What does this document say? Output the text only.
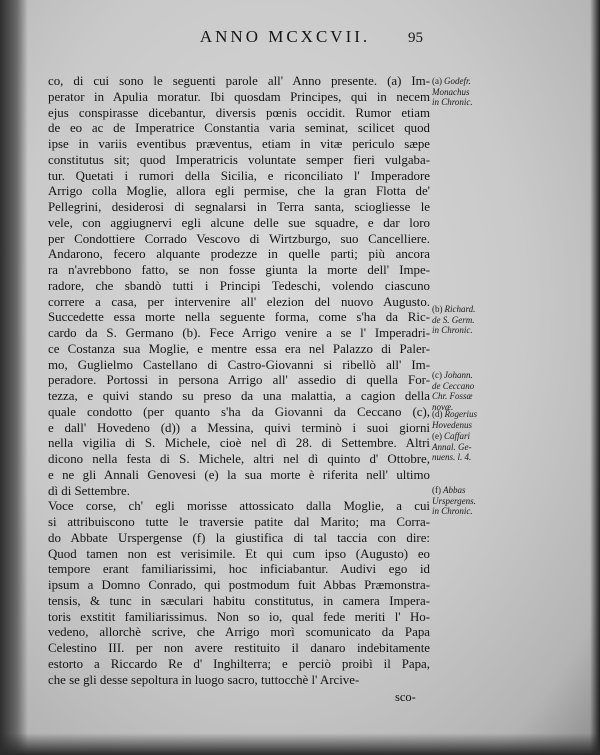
ANNO MCXCVII.	95
co, di cui sono le seguenti parole all' Anno presente. (a) Im-
perator in Apulia moratur. Ibi quosdam Principes, qui in necem
ejus conspirasse dicebantur, diversis pœnis occidit. Rumor etiam
de eo ac de Imperatrice Constantia varia seminat, scilicet quod
ipse in variis eventibus præventus, etiam in vitæ periculo sæpe
constitutus sit; quod Imperatricis voluntate semper fieri vulgaba-
tur. Quetati i rumori della Sicilia, e riconciliato l' Imperadore
Arrigo colla Moglie, allora egli permise, che la gran Flotta de'
Pellegrini, desiderosi di segnalarsi in Terra santa, sciogliesse le
vele, con aggiugnervi egli alcune delle sue squadre, e dar loro
per Condottiere Corrado Vescovo di Wirtzburgo, suo Cancelliere.
Andarono, fecero alquante prodezze in quelle parti; più ancora
ra n'avrebbono fatto, se non fosse giunta la morte dell' Impe-
radore, che sbandò tutti i Principi Tedeschi, volendo ciascuno
correre a casa, per intervenire all' elezion del nuovo Augusto.
Succedette essa morte nella seguente forma, come s'ha da Ric-
cardo da S. Germano (b). Fece Arrigo venire a se l' Imperadri-
ce Costanza sua Moglie, e mentre essa era nel Palazzo di Paler-
mo, Guglielmo Castellano di Castro-Giovanni si ribellò all' Im-
peradore. Portossi in persona Arrigo all' assedio di quella For-
tezza, e quivi stando su preso da una malattia, a cagion della
quale condotto (per quanto s'ha da Giovanni da Ceccano (c),
e dall' Hovedeno (d)) a Messina, quivi terminò i suoi giorni
nella vigilia di S. Michele, cioè nel dì 28. di Settembre. Altri
dicono nella festa di S. Michele, altri nel dì quinto d' Ottobre,
e ne gli Annali Genovesi (e) la sua morte è riferita nell' ultimo
dì di Settembre.
Voce corse, ch' egli morisse attossicato dalla Moglie, a cui
si attribuiscono tutte le traversie patite dal Marito; ma Corra-
do Abbate Urspergense (f) la giustifica di tal taccia con dire:
Quod tamen non est verisimile. Et qui cum ipso (Augusto) eo
tempore erant familiarissimi, hoc inficiabantur. Audivi ego id
ipsum a Domno Conrado, qui postmodum fuit Abbas Præmonstra-
tensis, & tunc in sæculari habitu constitutus, in camera Impera-
toris exstitit familiarissimus. Non so io, qual fede meriti l' Ho-
vedeno, allorchè scrive, che Arrigo morì scomunicato da Papa
Celestino III. per non avere restituito il danaro indebitamente
estorto a Riccardo Re d' Inghilterra; e perciò proibì il Papa,
che se gli desse sepoltura in luogo sacro, tuttocchè l' Arcive-
sco-
(a) Godefr.

Monachus
in Chronic.
(b) Richard.

de S. Germ.
in Chronic.
(c) Johann.

de Ceccano
Chr. Fossæ
novæ.
(d) Rogerius

Hovedenus
(e) Caffari

Annal. Ge-
nuens. l. 4.
(f) Abbas

Urspergens.
in Chronic.
